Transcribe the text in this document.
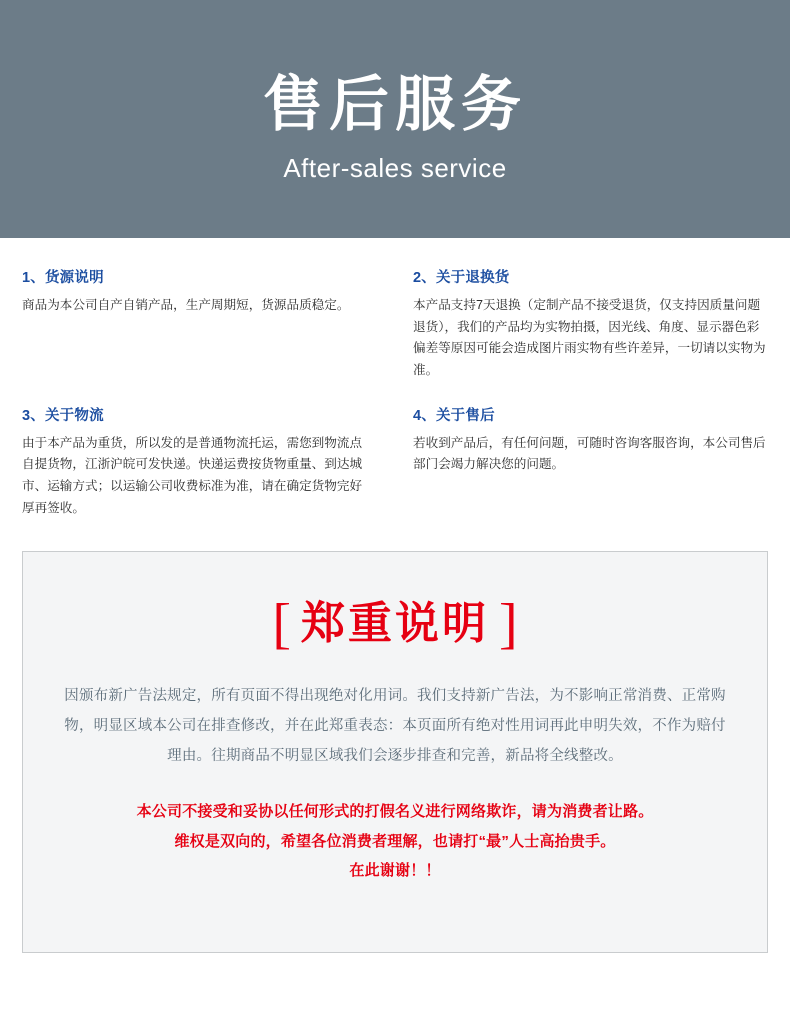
售后服务
After-sales service

1、货源说明

商品为本公司自产自销产品，生产周期短，货源品质稳定。

2、关于退换货

本产品支持7天退换（定制产品不接受退货，仅支持因质量问题退货），我们的产品均为实物拍摄，因光线、角度、显示器色彩偏差等原因可能会造成图片雨实物有些许差异，一切请以实物为准。

3、关于物流

由于本产品为重货，所以发的是普通物流托运，需您到物流点自提货物，江浙沪皖可发快递。快递运费按货物重量、到达城市、运输方式；以运输公司收费标准为准，请在确定货物完好厚再签收。

4、关于售后

若收到产品后，有任何问题，可随时咨询客服咨询，本公司售后部门会竭力解决您的问题。

[ 郑重说明 ]

因颁布新广告法规定，所有页面不得出现绝对化用词。我们支持新广告法，为不影响正常消费、正常购物，明显区域本公司在排查修改，并在此郑重表态：本页面所有绝对性用词再此申明失效，不作为赔付理由。往期商品不明显区域我们会逐步排查和完善，新品将全线整改。

本公司不接受和妥协以任何形式的打假名义进行网络欺诈，请为消费者让路。
维权是双向的，希望各位消费者理解，也请打“最”人士高抬贵手。
在此谢谢！！
